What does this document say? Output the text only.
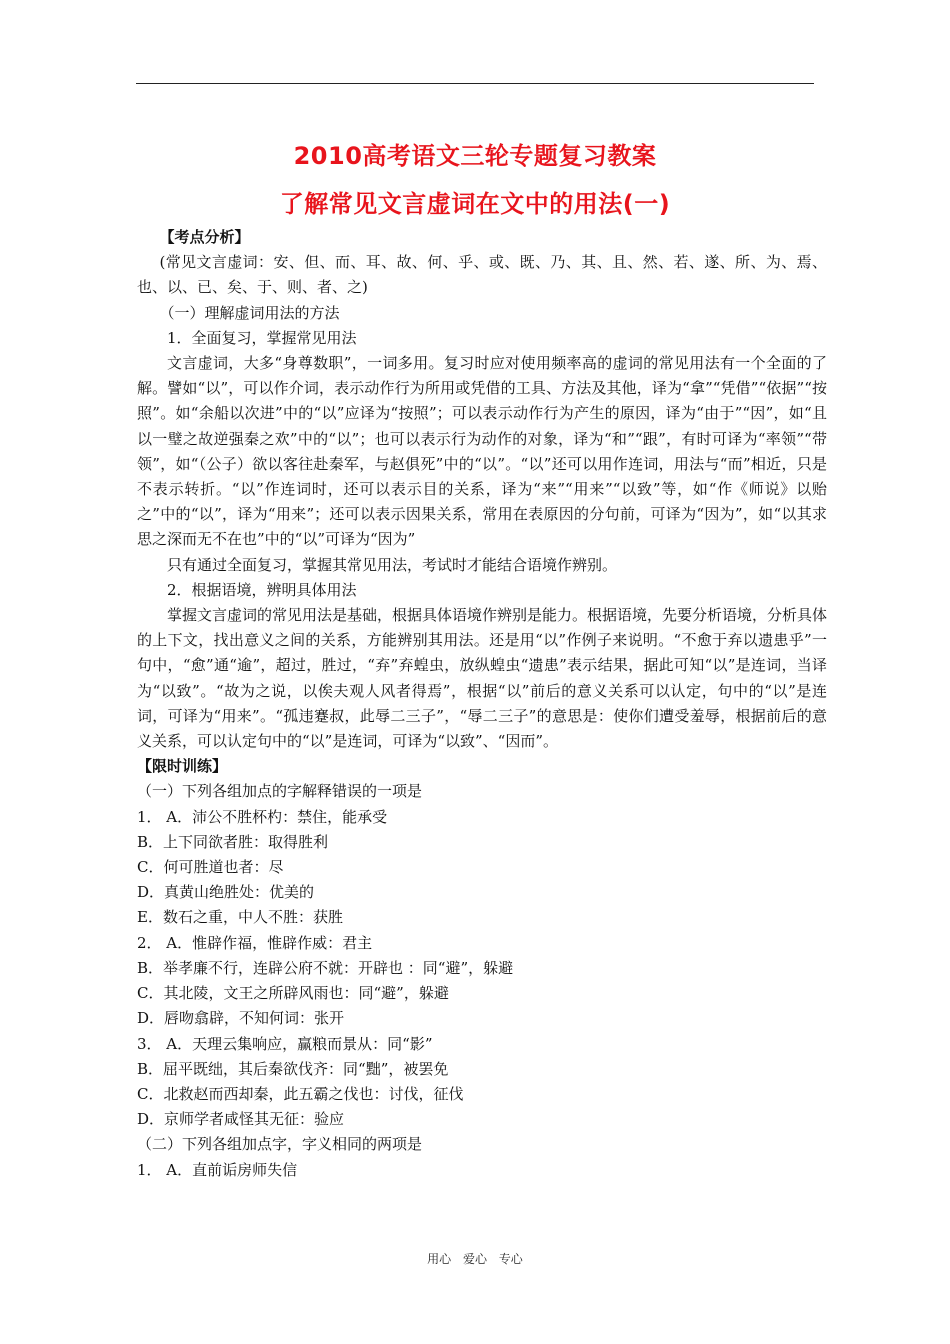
2010高考语文三轮专题复习教案
了解常见文言虚词在文中的用法(一)

【考点分析】

(常见文言虚词：安、但、而、耳、故、何、乎、或、既、乃、其、且、然、若、遂、所、为、焉、也、以、已、矣、于、则、者、之)

（一）理解虚词用法的方法

1．全面复习，掌握常见用法

文言虚词，大多“身尊数职”，一词多用。复习时应对使用频率高的虚词的常见用法有一个全面的了解。譬如“以”，可以作介词，表示动作行为所用或凭借的工具、方法及其他，译为“拿”“凭借”“依据”“按照”。如“余船以次进”中的“以”应译为“按照”；可以表示动作行为产生的原因，译为“由于”“因”，如“且以一璧之故逆强秦之欢”中的“以”；也可以表示行为动作的对象，译为“和”“跟”，有时可译为“率领”“带领”，如“（公子）欲以客往赴秦军，与赵俱死”中的“以”。“以”还可以用作连词，用法与“而”相近，只是不表示转折。“以”作连词时，还可以表示目的关系，译为“来”“用来”“以致”等，如“作《师说》以贻之”中的“以”，译为“用来”；还可以表示因果关系，常用在表原因的分句前，可译为“因为”，如“以其求思之深而无不在也”中的“以”可译为“因为”

只有通过全面复习，掌握其常见用法，考试时才能结合语境作辨别。

2．根据语境，辨明具体用法

掌握文言虚词的常见用法是基础，根据具体语境作辨别是能力。根据语境，先要分析语境，分析具体的上下文，找出意义之间的关系，方能辨别其用法。还是用“以”作例子来说明。“不愈于弃以遗患乎”一句中，“愈”通“逾”，超过，胜过，“弃”弃蝗虫，放纵蝗虫“遗患”表示结果，据此可知“以”是连词，当译为“以致”。“故为之说，以俟夫观人风者得焉”，根据“以”前后的意义关系可以认定，句中的“以”是连词，可译为“用来”。“孤违蹇叔，此辱二三子”，“辱二三子”的意思是：使你们遭受羞辱，根据前后的意义关系，可以认定句中的“以”是连词，可译为“以致”、“因而”。

【限时训练】

（一）下列各组加点的字解释错误的一项是

1． A．沛公不胜杯杓：禁住，能承受

B．上下同欲者胜：取得胜利

C．何可胜道也者：尽

D．真黄山绝胜处：优美的

E．数石之重，中人不胜：获胜

2． A．惟辟作福，惟辟作威：君主

B．举孝廉不行，连辟公府不就：开辟也 ：同“避”，躲避

C．其北陵，文王之所辟风雨也：同“避”，躲避

D．唇吻翕辟，不知何词：张开

3． A．天理云集响应，赢粮而景从：同“影”

B．屈平既绌，其后秦欲伐齐：同“黜”，被罢免

C．北救赵而西却秦，此五霸之伐也：讨伐，征伐

D．京师学者咸怪其无征：验应

（二）下列各组加点字，字义相同的两项是

1． A．直前诟房师失信

用心 爱心 专心
